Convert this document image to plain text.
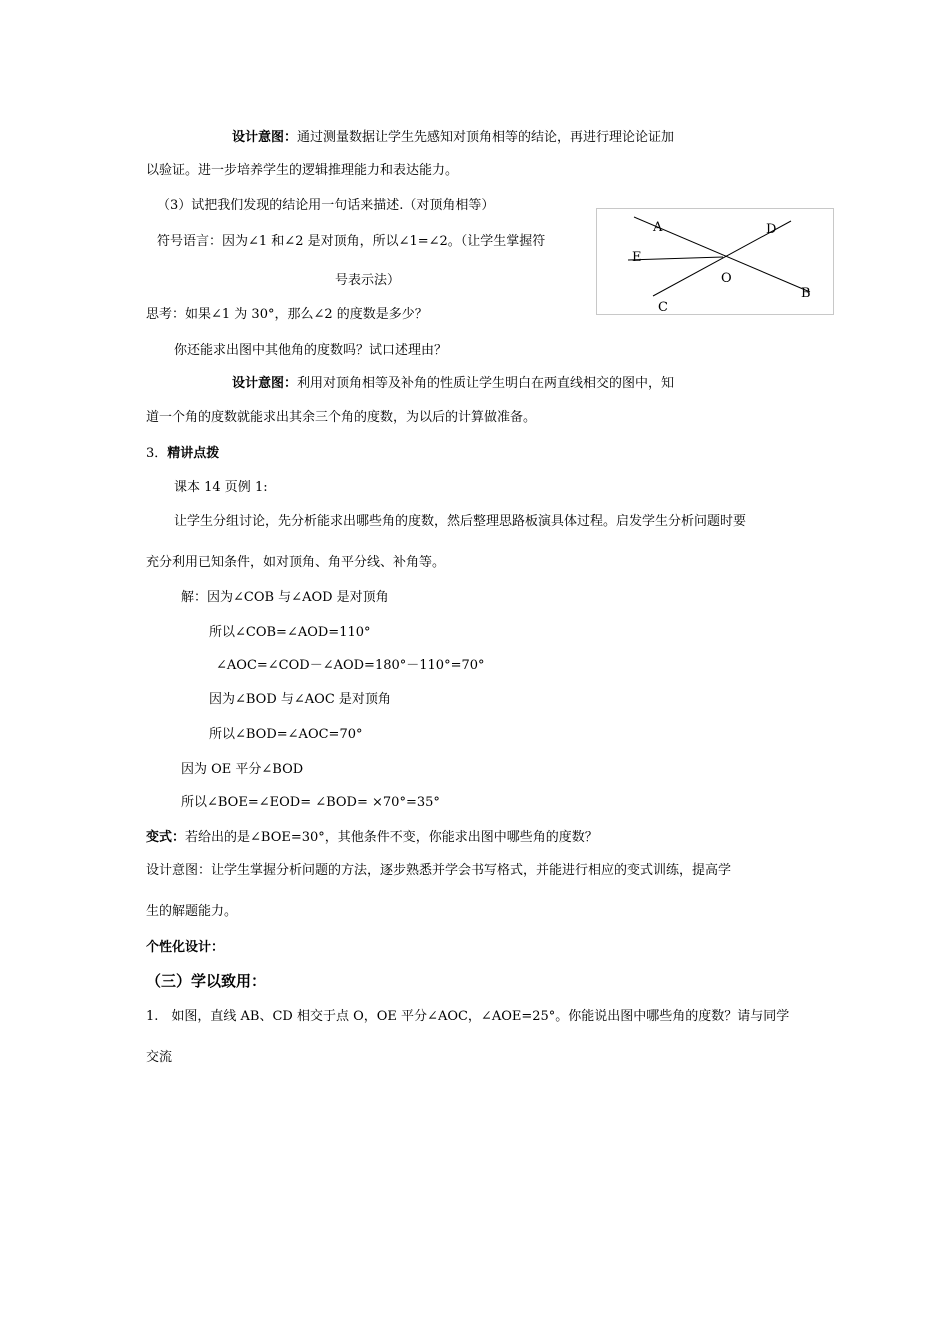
设计意图：通过测量数据让学生先感知对顶角相等的结论，再进行理论论证加
以验证。进一步培养学生的逻辑推理能力和表达能力。
（3）试把我们发现的结论用一句话来描述.（对顶角相等）
符号语言：因为∠1 和∠2 是对顶角，所以∠1=∠2。（让学生掌握符
号表示法）
A	D
E
O
B
C
思考：如果∠1 为 30°，那么∠2 的度数是多少？
你还能求出图中其他角的度数吗？试口述理由？
设计意图：利用对顶角相等及补角的性质让学生明白在两直线相交的图中，知
道一个角的度数就能求出其余三个角的度数，为以后的计算做准备。
3．精讲点拨
课本 14 页例 1:
让学生分组讨论，先分析能求出哪些角的度数，然后整理思路板演具体过程。启发学生分析问题时要
充分利用已知条件，如对顶角、角平分线、补角等。
解：因为∠COB 与∠AOD 是对顶角
所以∠COB=∠AOD=110°
∠AOC=∠COD－∠AOD=180°－110°=70°
因为∠BOD 与∠AOC 是对顶角
所以∠BOD=∠AOC=70°
因为 OE 平分∠BOD
所以∠BOE=∠EOD= ∠BOD= ×70°=35°
变式：若给出的是∠BOE=30°，其他条件不变，你能求出图中哪些角的度数？
设计意图：让学生掌握分析问题的方法，逐步熟悉并学会书写格式，并能进行相应的变式训练，提高学
生的解题能力。
个性化设计：
（三）学以致用：
1.　如图，直线 AB、CD 相交于点 O，OE 平分∠AOC，∠AOE=25°。你能说出图中哪些角的度数？请与同学
交流
